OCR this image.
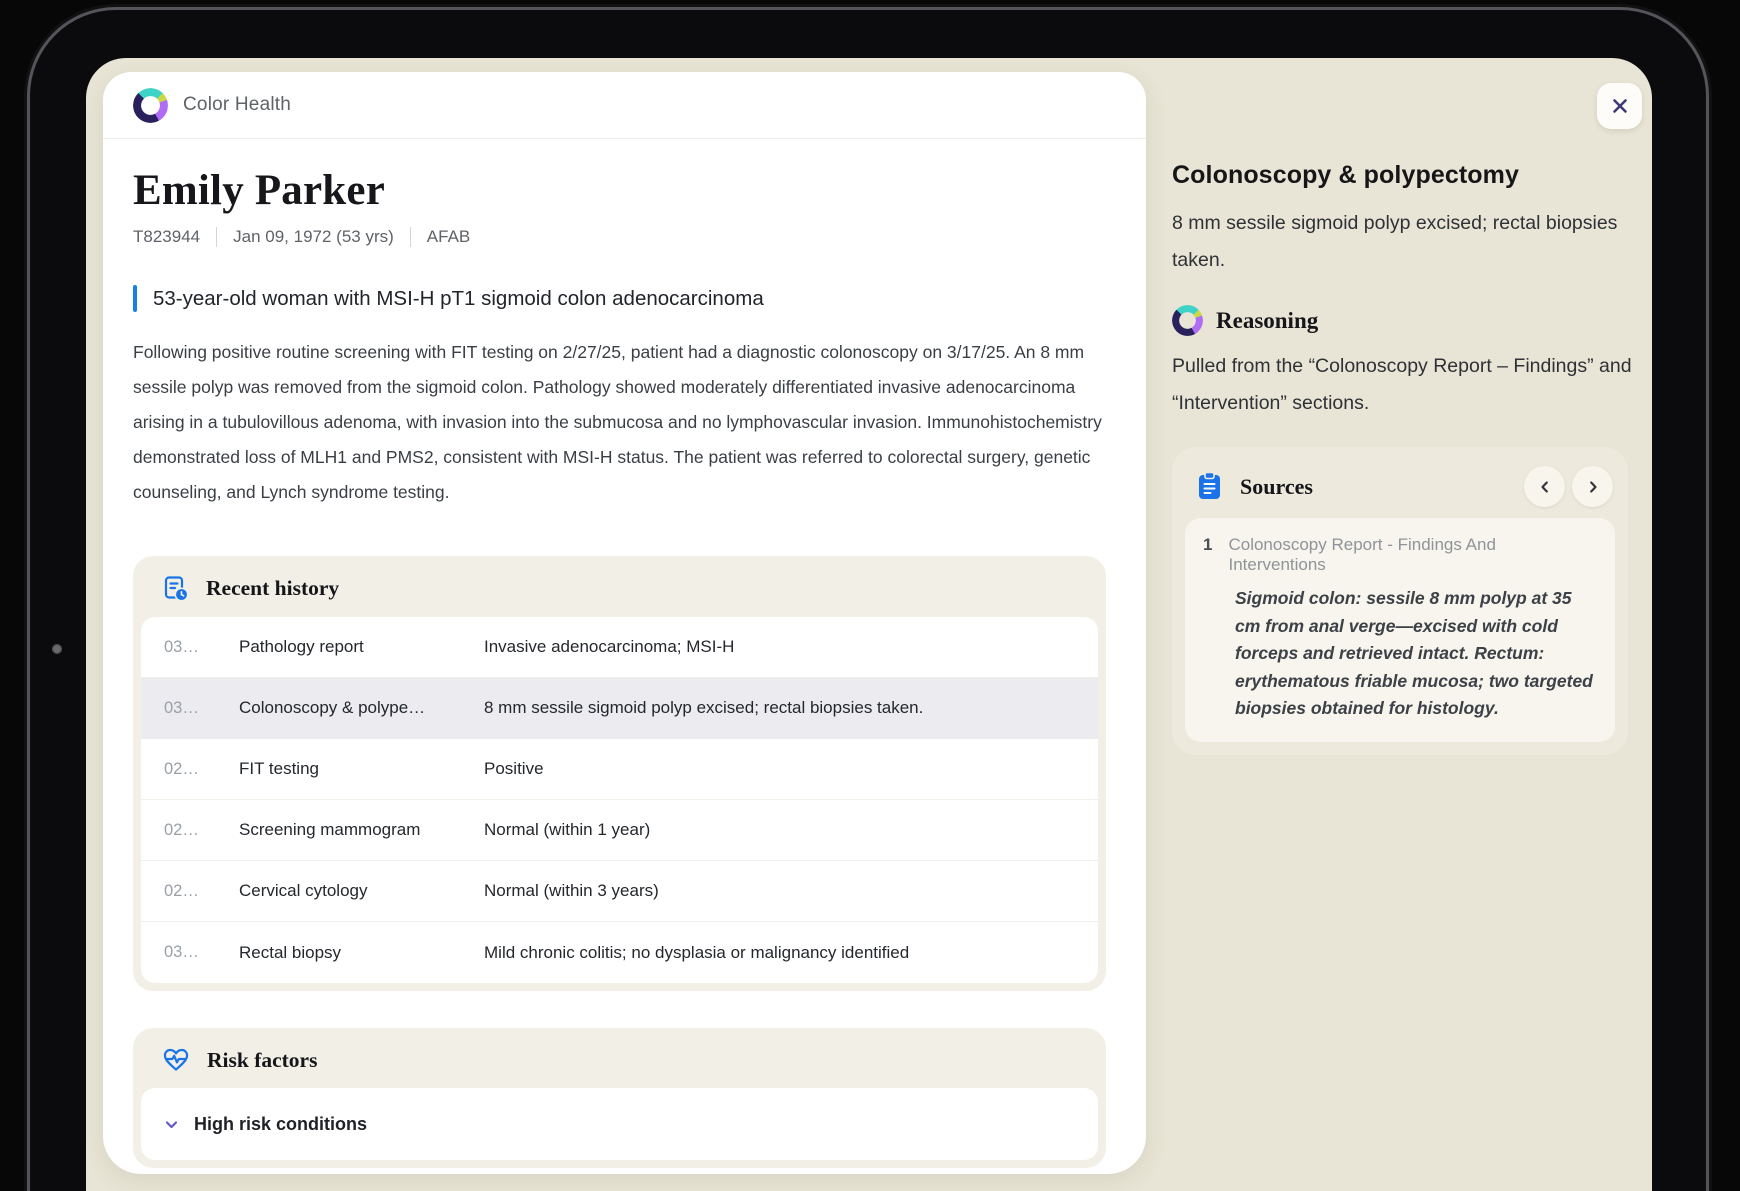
Color Health
Emily Parker
T823944 Jan 09, 1972 (53 yrs) AFAB
53-year-old woman with MSI-H pT1 sigmoid colon adenocarcinoma

Following positive routine screening with FIT testing on 2/27/25, patient had a diagnostic colonoscopy on 3/17/25. An 8 mm sessile polyp was removed from the sigmoid colon. Pathology showed moderately differentiated invasive adenocarcinoma arising in a tubulovillous adenoma, with invasion into the submucosa and no lymphovascular invasion. Immunohistochemistry demonstrated loss of MLH1 and PMS2, consistent with MSI-H status. The patient was referred to colorectal surgery, genetic counseling, and Lynch syndrome testing.

Recent history
03…	Pathology report	Invasive adenocarcinoma; MSI-H
03…	Colonoscopy & polype…	8 mm sessile sigmoid polyp excised; rectal biopsies taken.
02…	FIT testing	Positive
02…	Screening mammogram	Normal (within 1 year)
02…	Cervical cytology	Normal (within 3 years)
03…	Rectal biopsy	Mild chronic colitis; no dysplasia or malignancy identified
Risk factors
High risk conditions
Colonoscopy & polypectomy
8 mm sessile sigmoid polyp excised; rectal biopsies taken.
Reasoning
Pulled from the “Colonoscopy Report – Findings” and “Intervention” sections.
Sources
1 Colonoscopy Report - Findings And Interventions
Sigmoid colon: sessile 8 mm polyp at 35 cm from anal verge—excised with cold forceps and retrieved intact. Rectum: erythematous friable mucosa; two targeted biopsies obtained for histology.
